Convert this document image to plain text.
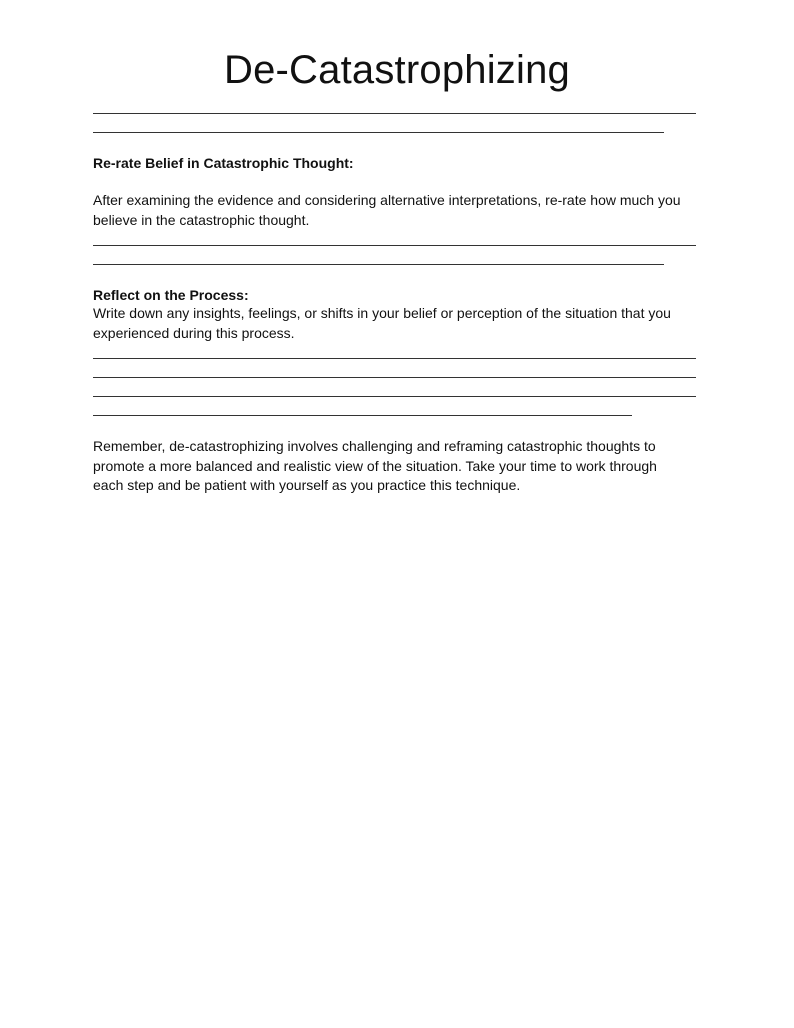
De-Catastrophizing
Re-rate Belief in Catastrophic Thought:
After examining the evidence and considering alternative interpretations, re-rate how much you
believe in the catastrophic thought.
Reflect on the Process:
Write down any insights, feelings, or shifts in your belief or perception of the situation that you
experienced during this process.
Remember, de-catastrophizing involves challenging and reframing catastrophic thoughts to
promote a more balanced and realistic view of the situation. Take your time to work through
each step and be patient with yourself as you practice this technique.
